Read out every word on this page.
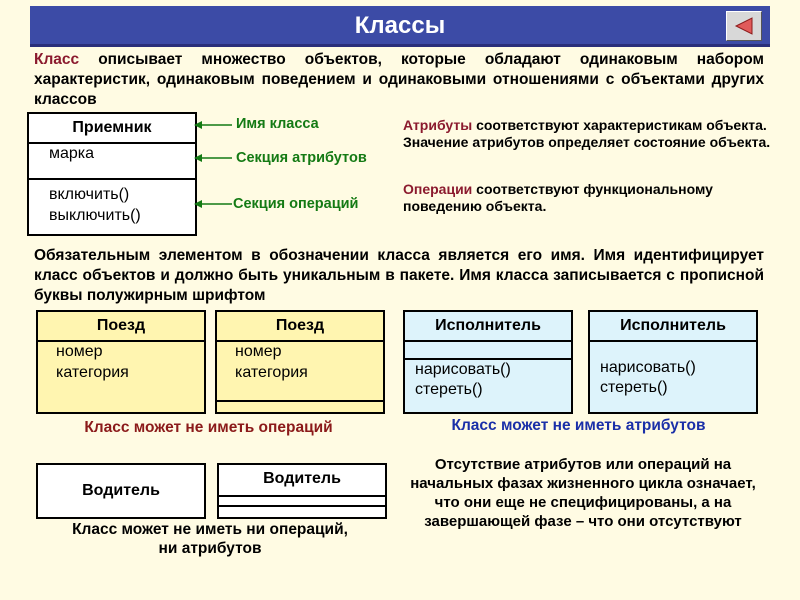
Классы
Класс описывает множество объектов, которые обладают одинаковым набором характеристик, одинаковым поведением и одинаковыми отношениями с объектами других классов
Приемник
марка
включить()
выключить()
Имя класса
Секция атрибутов
Секция операций
Атрибуты соответствуют характеристикам объекта. Значение атрибутов определяет состояние объекта.
Операции соответствуют функциональному поведению объекта.
Обязательным элементом в обозначении класса является его имя. Имя идентифицирует класс объектов и должно быть уникальным в пакете. Имя класса записывается с прописной буквы полужирным шрифтом
Поезд
номер
категория
Поезд
номер
категория
Исполнитель
нарисовать()
стереть()
Исполнитель
нарисовать()
стереть()
Класс может не иметь операций	Класс может не иметь атрибутов
Водитель
Водитель
Класс может не иметь ни операций, ни атрибутов
Отсутствие атрибутов или операций на начальных фазах жизненного цикла означает, что они еще не специфицированы, а на завершающей фазе – что они отсутствуют
